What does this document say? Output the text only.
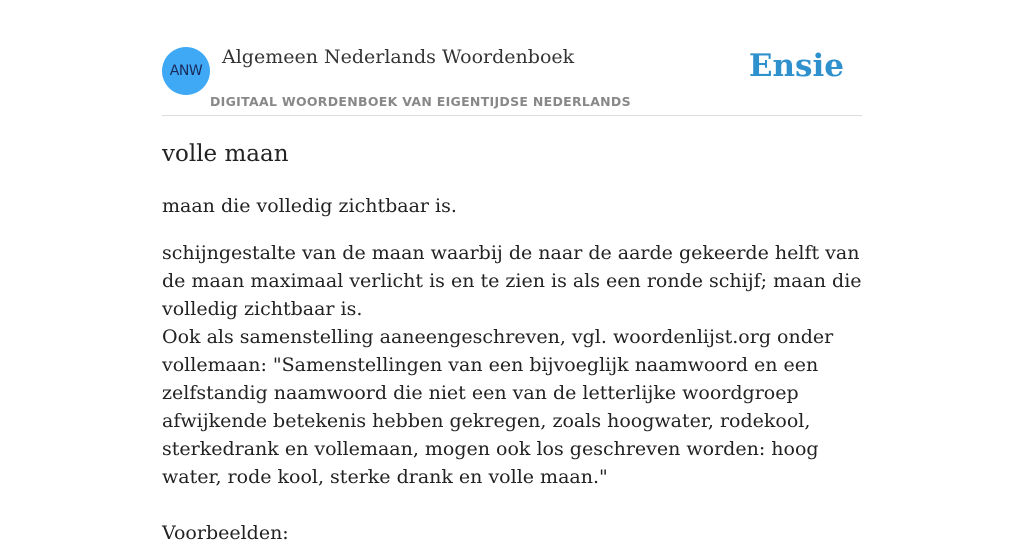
ANW
Algemeen Nederlands Woordenboek
DIGITAAL WOORDENBOEK VAN EIGENTIJDSE NEDERLANDS
Ensie
volle maan

maan die volledig zichtbaar is.

schijngestalte van de maan waarbij de naar de aarde gekeerde helft van de maan maximaal verlicht is en te zien is als een ronde schijf; maan die volledig zichtbaar is.
Ook als samenstelling aaneengeschreven, vgl. woordenlijst.org onder vollemaan: "Samenstellingen van een bijvoeglijk naamwoord en een zelfstandig naamwoord die niet een van de letterlijke woordgroep afwijkende betekenis hebben gekregen, zoals hoogwater, rodekool, sterkedrank en vollemaan, mogen ook los geschreven worden: hoog water, rode kool, sterke drank en volle maan."

Voorbeelden:
